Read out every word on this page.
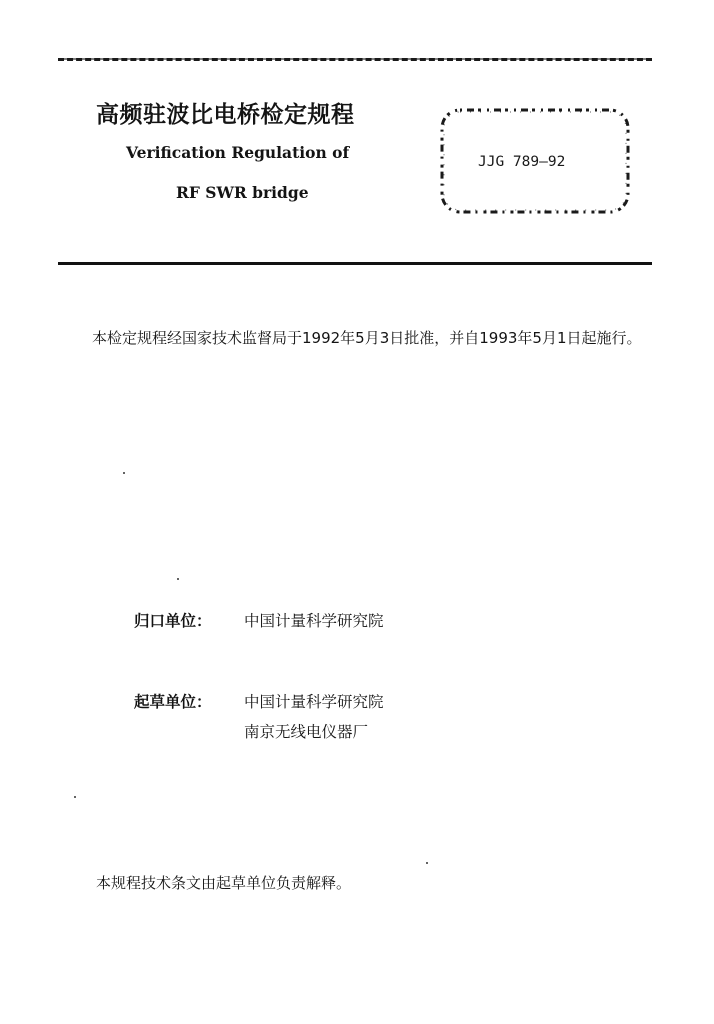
高频驻波比电桥检定规程
Verification Regulation of
RF SWR bridge
JJG 789—92
本检定规程经国家技术监督局于1992年5月3日批准，并自1993年5月1日起施行。
归口单位： 中国计量科学研究院
起草单位： 中国计量科学研究院
南京无线电仪器厂
本规程技术条文由起草单位负责解释。
